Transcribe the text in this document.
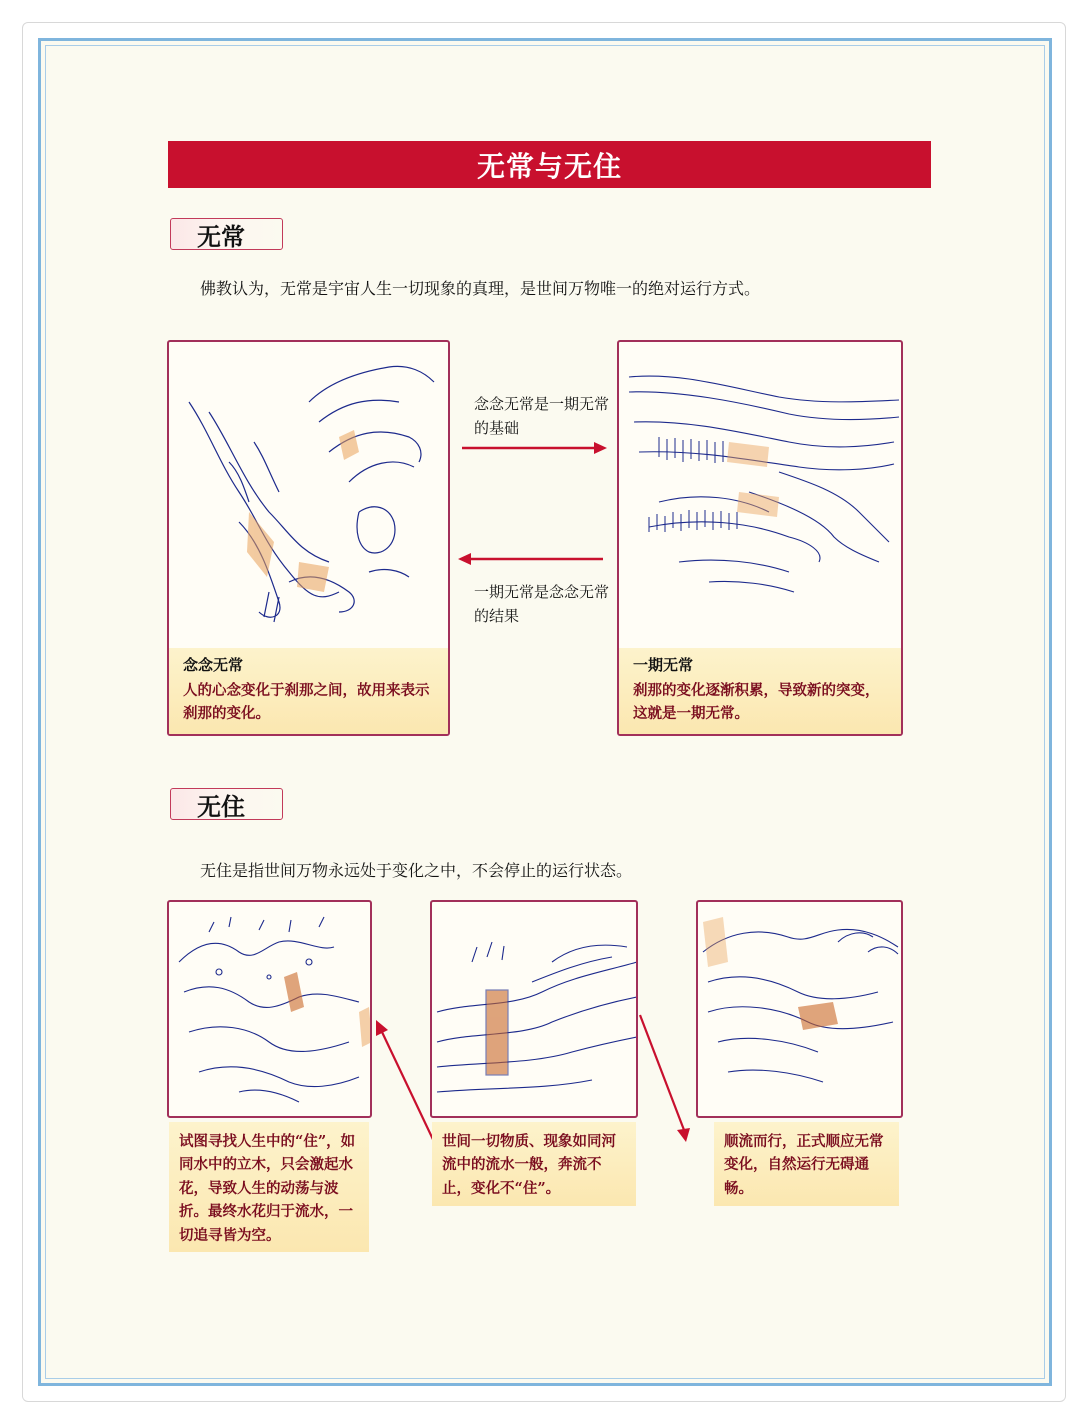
无常与无住
无常
佛教认为，无常是宇宙人生一切现象的真理，是世间万物唯一的绝对运行方式。
念念无常
人的心念变化于刹那之间，故用来表示刹那的变化。
念念无常是一期无常的基础
一期无常是念念无常的结果
一期无常
刹那的变化逐渐积累，导致新的突变，这就是一期无常。
无住
无住是指世间万物永远处于变化之中，不会停止的运行状态。
试图寻找人生中的“住”，如同水中的立木，只会激起水花，导致人生的动荡与波折。最终水花归于流水，一切追寻皆为空。
世间一切物质、现象如同河流中的流水一般，奔流不止，变化不“住”。
顺流而行，正式顺应无常变化，自然运行无碍通畅。
